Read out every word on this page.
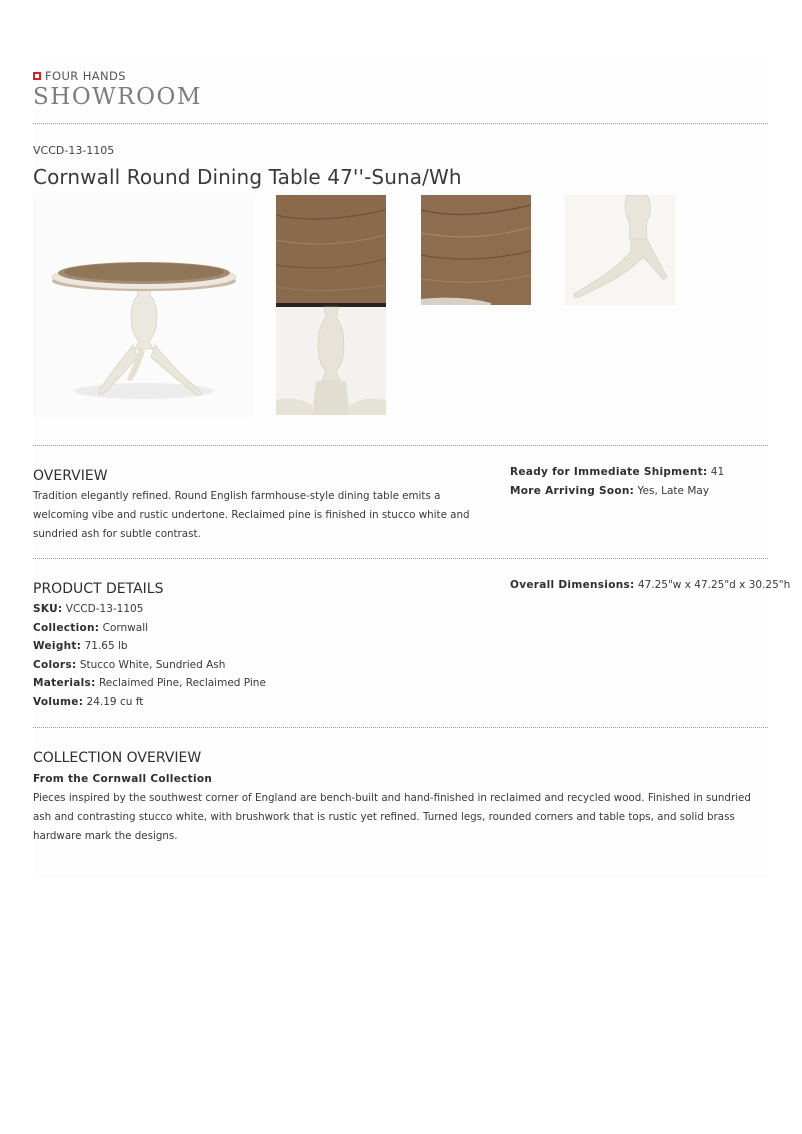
FOUR HANDS
SHOWROOM
VCCD-13-1105
Cornwall Round Dining Table 47''-Suna/Wh
OVERVIEW
Tradition elegantly refined. Round English farmhouse-style dining table emits a welcoming vibe and rustic undertone. Reclaimed pine is finished in stucco white and sundried ash for subtle contrast.
Ready for Immediate Shipment: 41
More Arriving Soon: Yes, Late May
PRODUCT DETAILS
SKU: VCCD-13-1105
Collection: Cornwall
Weight: 71.65 lb
Colors: Stucco White, Sundried Ash
Materials: Reclaimed Pine, Reclaimed Pine
Volume: 24.19 cu ft
Overall Dimensions: 47.25"w x 47.25"d x 30.25"h
COLLECTION OVERVIEW
From the Cornwall Collection
Pieces inspired by the southwest corner of England are bench-built and hand-finished in reclaimed and recycled wood. Finished in sundried ash and contrasting stucco white, with brushwork that is rustic yet refined. Turned legs, rounded corners and table tops, and solid brass hardware mark the designs.
